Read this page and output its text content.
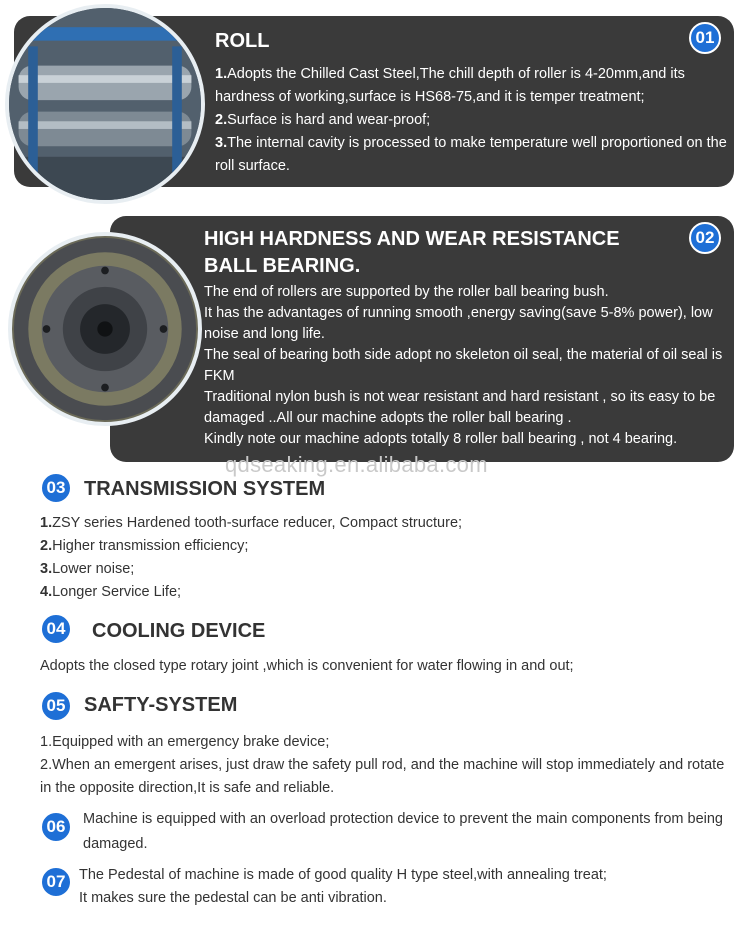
01
ROLL
1.Adopts the Chilled Cast Steel,The chill depth of roller is 4-20mm,and its hardness of working,surface is HS68-75,and it is temper treatment;
2.Surface is hard and wear-proof;
3.The internal cavity is processed to make temperature well proportioned on the roll surface.
02
HIGH HARDNESS AND WEAR RESISTANCE BALL BEARING.
The end of rollers are supported by the roller ball bearing bush.
It has the advantages of running smooth ,energy saving(save 5-8% power), low noise and long life.
The seal of bearing both side adopt no skeleton oil seal, the material of oil seal is FKM
Traditional nylon bush is not wear resistant and hard resistant , so its easy to be damaged ..All our machine adopts the roller ball bearing .
Kindly note our machine adopts totally 8 roller ball bearing , not 4 bearing.
qdseaking.en.alibaba.com
03 TRANSMISSION SYSTEM
1.ZSY series Hardened tooth-surface reducer, Compact structure;
2.Higher transmission efficiency;
3.Lower noise;
4.Longer Service Life;
04	COOLING DEVICE
Adopts the closed type rotary joint ,which is convenient for water flowing in and out;
05 SAFTY-SYSTEM
1.Equipped with an emergency brake device;
2.When an emergent arises, just draw the safety pull rod, and the machine will stop immediately and rotate in the opposite direction,It is safe and reliable.
06	Machine is equipped with an overload protection device to prevent the main components from being damaged.
07 The Pedestal of machine is made of good quality H type steel,with annealing treat;
It makes sure the pedestal can be anti vibration.
